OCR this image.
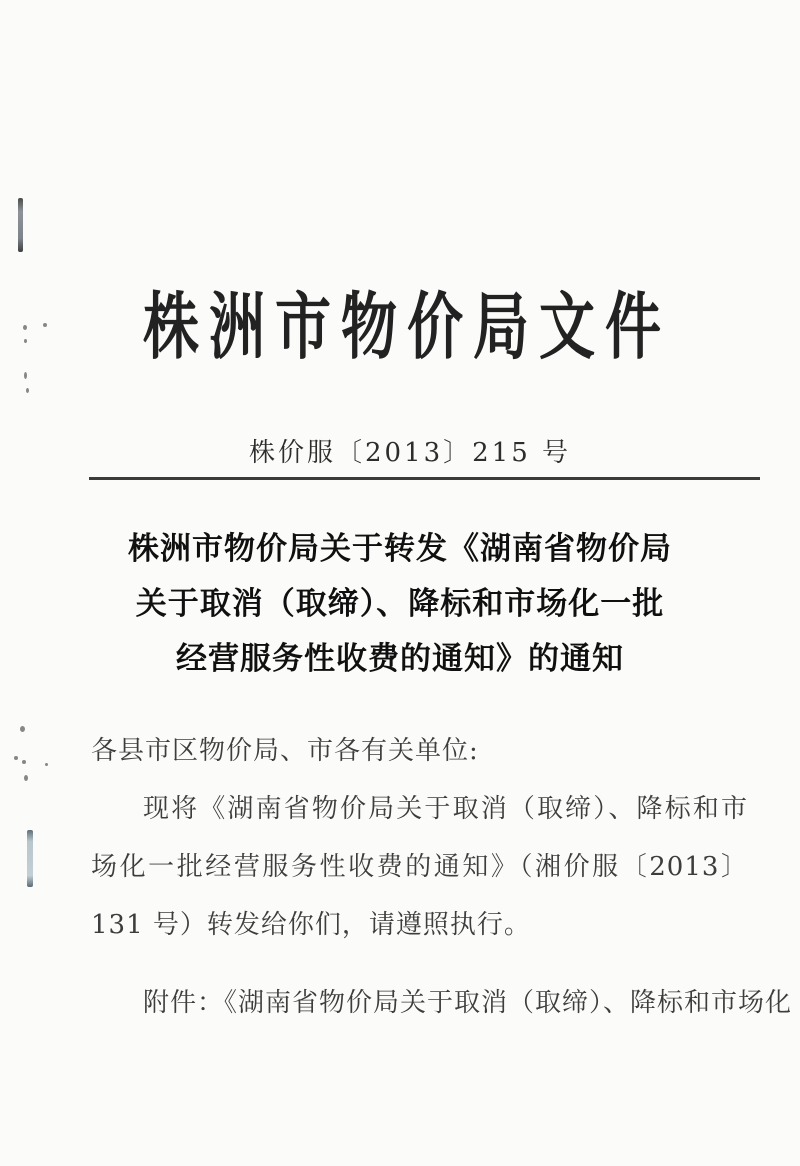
株洲市物价局文件
株价服〔2013〕215 号
株洲市物价局关于转发《湖南省物价局
关于取消（取缔）、降标和市场化一批
经营服务性收费的通知》的通知

各县市区物价局、市各有关单位:

现将《湖南省物价局关于取消（取缔）、降标和市场化一批经营服务性收费的通知》（湘价服〔2013〕131 号）转发给你们，请遵照执行。

附件：《湖南省物价局关于取消（取缔）、降标和市场化
